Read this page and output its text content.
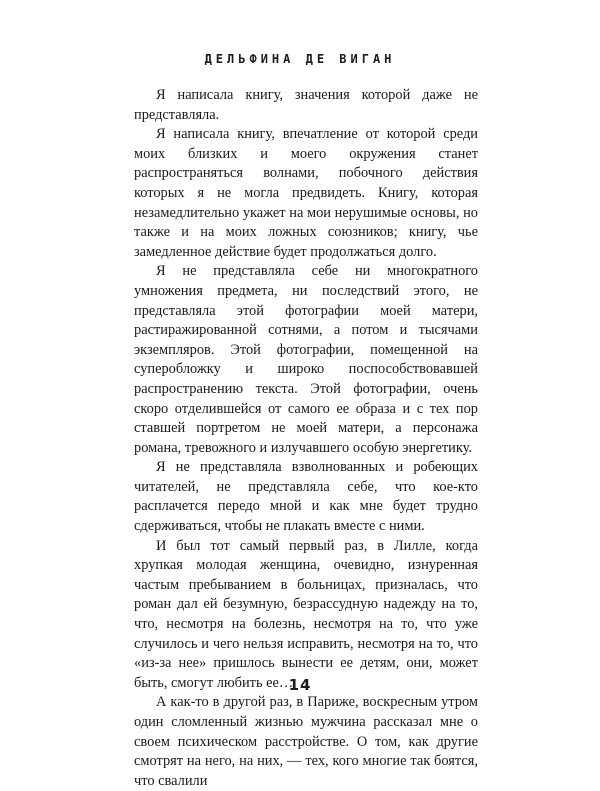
ДЕЛЬФИНА ДЕ ВИГАН

Я написала книгу, значения которой даже не представляла.

Я написала книгу, впечатление от которой среди моих близких и моего окружения станет распространяться волнами, побочного действия которых я не могла предвидеть. Книгу, которая незамедлительно укажет на мои нерушимые основы, но также и на моих ложных союзников; книгу, чье замедленное действие будет продолжаться долго.

Я не представляла себе ни многократного умножения предмета, ни последствий этого, не представляла этой фотографии моей матери, растиражированной сотнями, а потом и тысячами экземпляров. Этой фотографии, помещенной на суперобложку и широко поспособствовавшей распространению текста. Этой фотографии, очень скоро отделившейся от самого ее образа и с тех пор ставшей портретом не моей матери, а персонажа романа, тревожного и излучавшего особую энергетику.

Я не представляла взволнованных и робеющих читателей, не представляла себе, что кое-кто расплачется передо мной и как мне будет трудно сдерживаться, чтобы не плакать вместе с ними.

И был тот самый первый раз, в Лилле, когда хрупкая молодая женщина, очевидно, изнуренная частым пребыванием в больницах, призналась, что роман дал ей безумную, безрассудную надежду на то, что, несмотря на болезнь, несмотря на то, что уже случилось и чего нельзя исправить, несмотря на то, что «из-за нее» пришлось вынести ее детям, они, может быть, смогут любить ее…

А как-то в другой раз, в Париже, воскресным утром один сломленный жизнью мужчина рассказал мне о своем психическом расстройстве. О том, как другие смотрят на него, на них, — тех, кого многие так боятся, что свалили

14
